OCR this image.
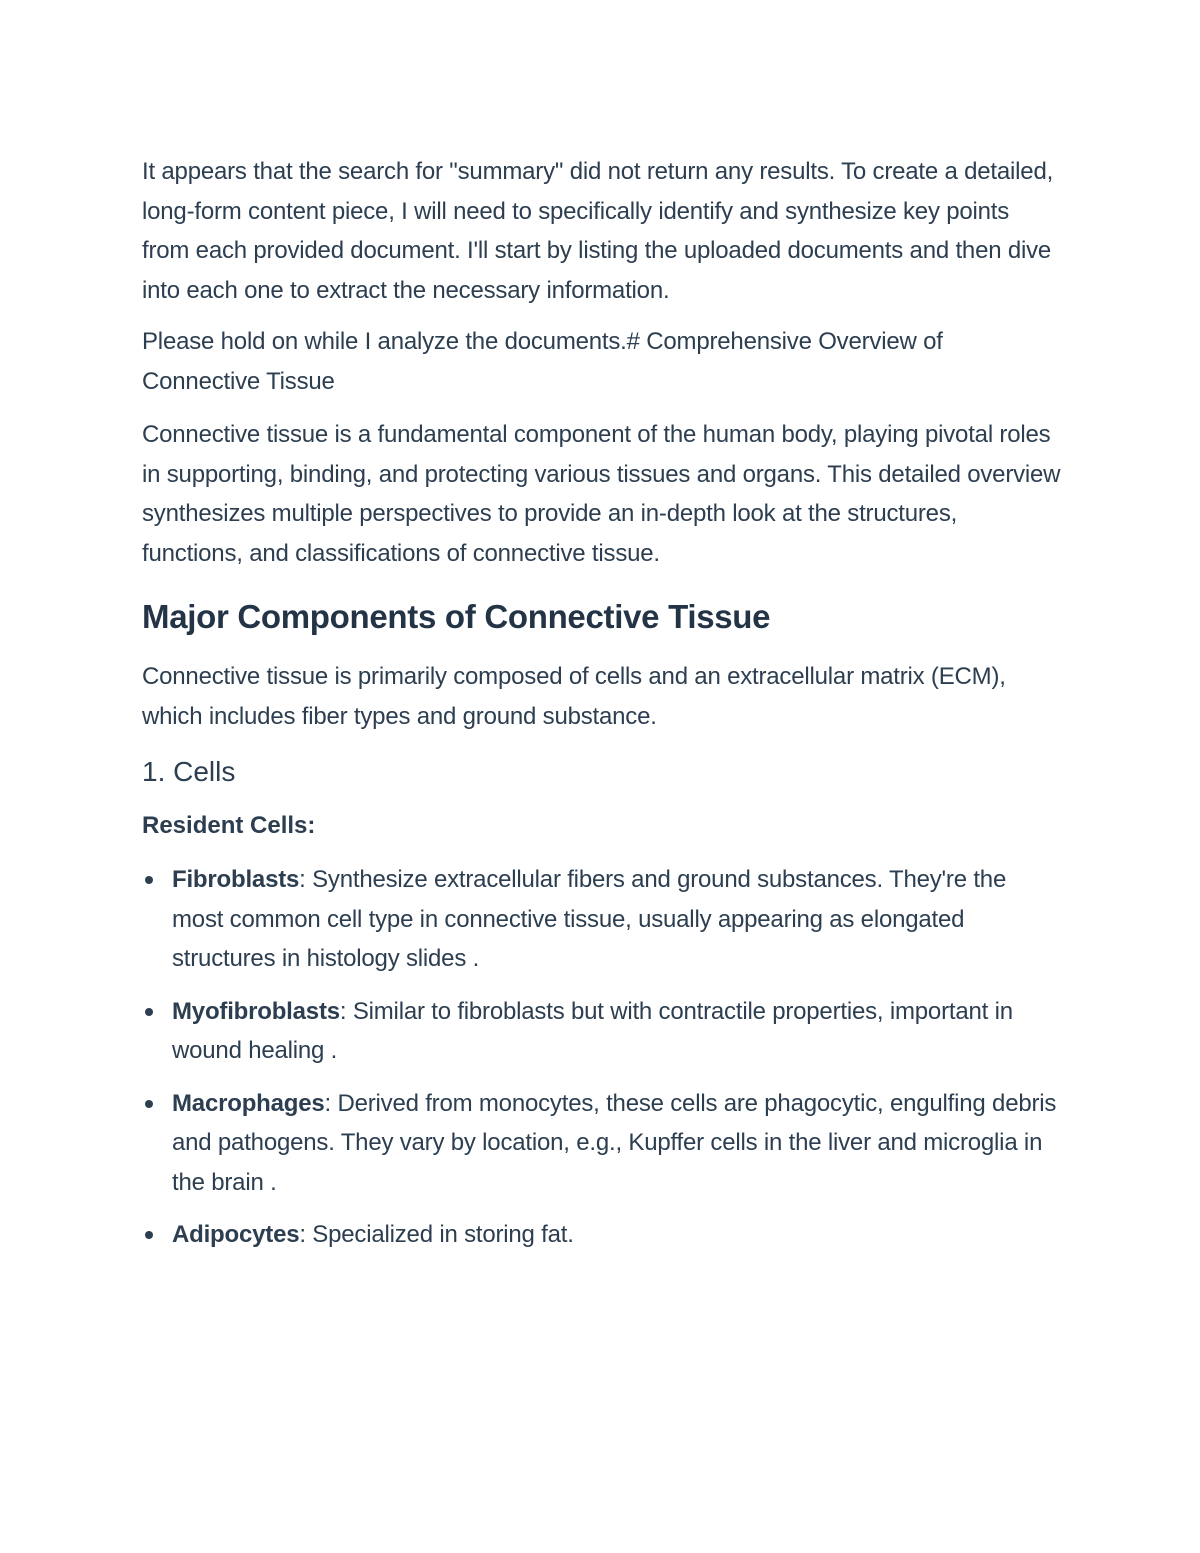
It appears that the search for "summary" did not return any results. To create a detailed, long-form content piece, I will need to specifically identify and synthesize key points from each provided document. I'll start by listing the uploaded documents and then dive into each one to extract the necessary information.

Please hold on while I analyze the documents.# Comprehensive Overview of Connective Tissue

Connective tissue is a fundamental component of the human body, playing pivotal roles in supporting, binding, and protecting various tissues and organs. This detailed overview synthesizes multiple perspectives to provide an in-depth look at the structures, functions, and classifications of connective tissue.

Major Components of Connective Tissue

Connective tissue is primarily composed of cells and an extracellular matrix (ECM), which includes fiber types and ground substance.

1. Cells
Resident Cells:
Fibroblasts: Synthesize extracellular fibers and ground substances. They're the most common cell type in connective tissue, usually appearing as elongated structures in histology slides .
Myofibroblasts: Similar to fibroblasts but with contractile properties, important in wound healing .
Macrophages: Derived from monocytes, these cells are phagocytic, engulfing debris and pathogens. They vary by location, e.g., Kupffer cells in the liver and microglia in the brain .
Adipocytes: Specialized in storing fat.
